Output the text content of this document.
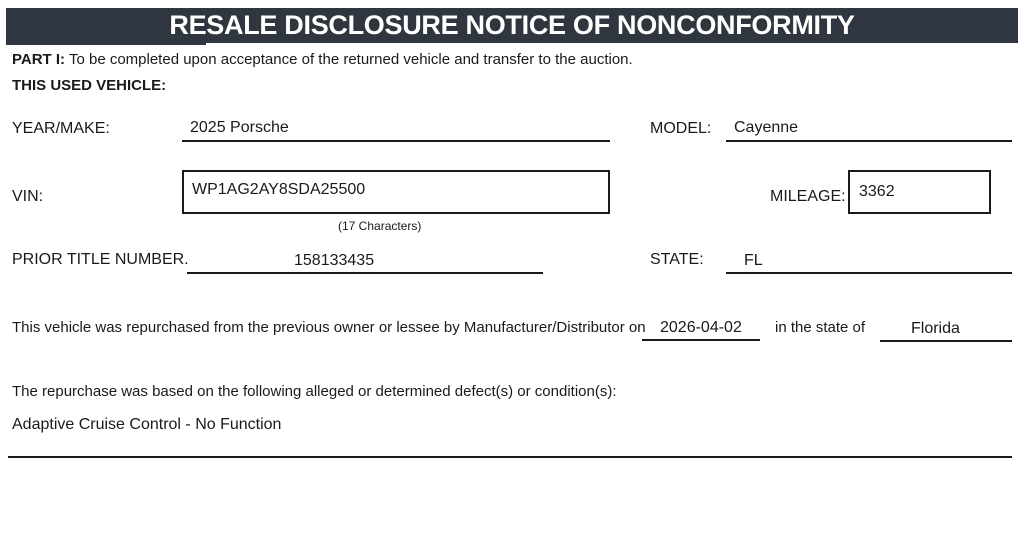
RESALE DISCLOSURE NOTICE OF NONCONFORMITY
PART I: To be completed upon acceptance of the returned vehicle and transfer to the auction.
THIS USED VEHICLE:
YEAR/MAKE:	2025 Porsche	MODEL: Cayenne
VIN:	WP1AG2AY8SDA25500
(17 Characters)
MILEAGE: 3362
PRIOR TITLE NUMBER.	158133435	STATE:	FL
This vehicle was repurchased from the previous owner or lessee by Manufacturer/Distributor on 2026-04-02 in the state of	Florida
The repurchase was based on the following alleged or determined defect(s) or condition(s):
Adaptive Cruise Control - No Function
